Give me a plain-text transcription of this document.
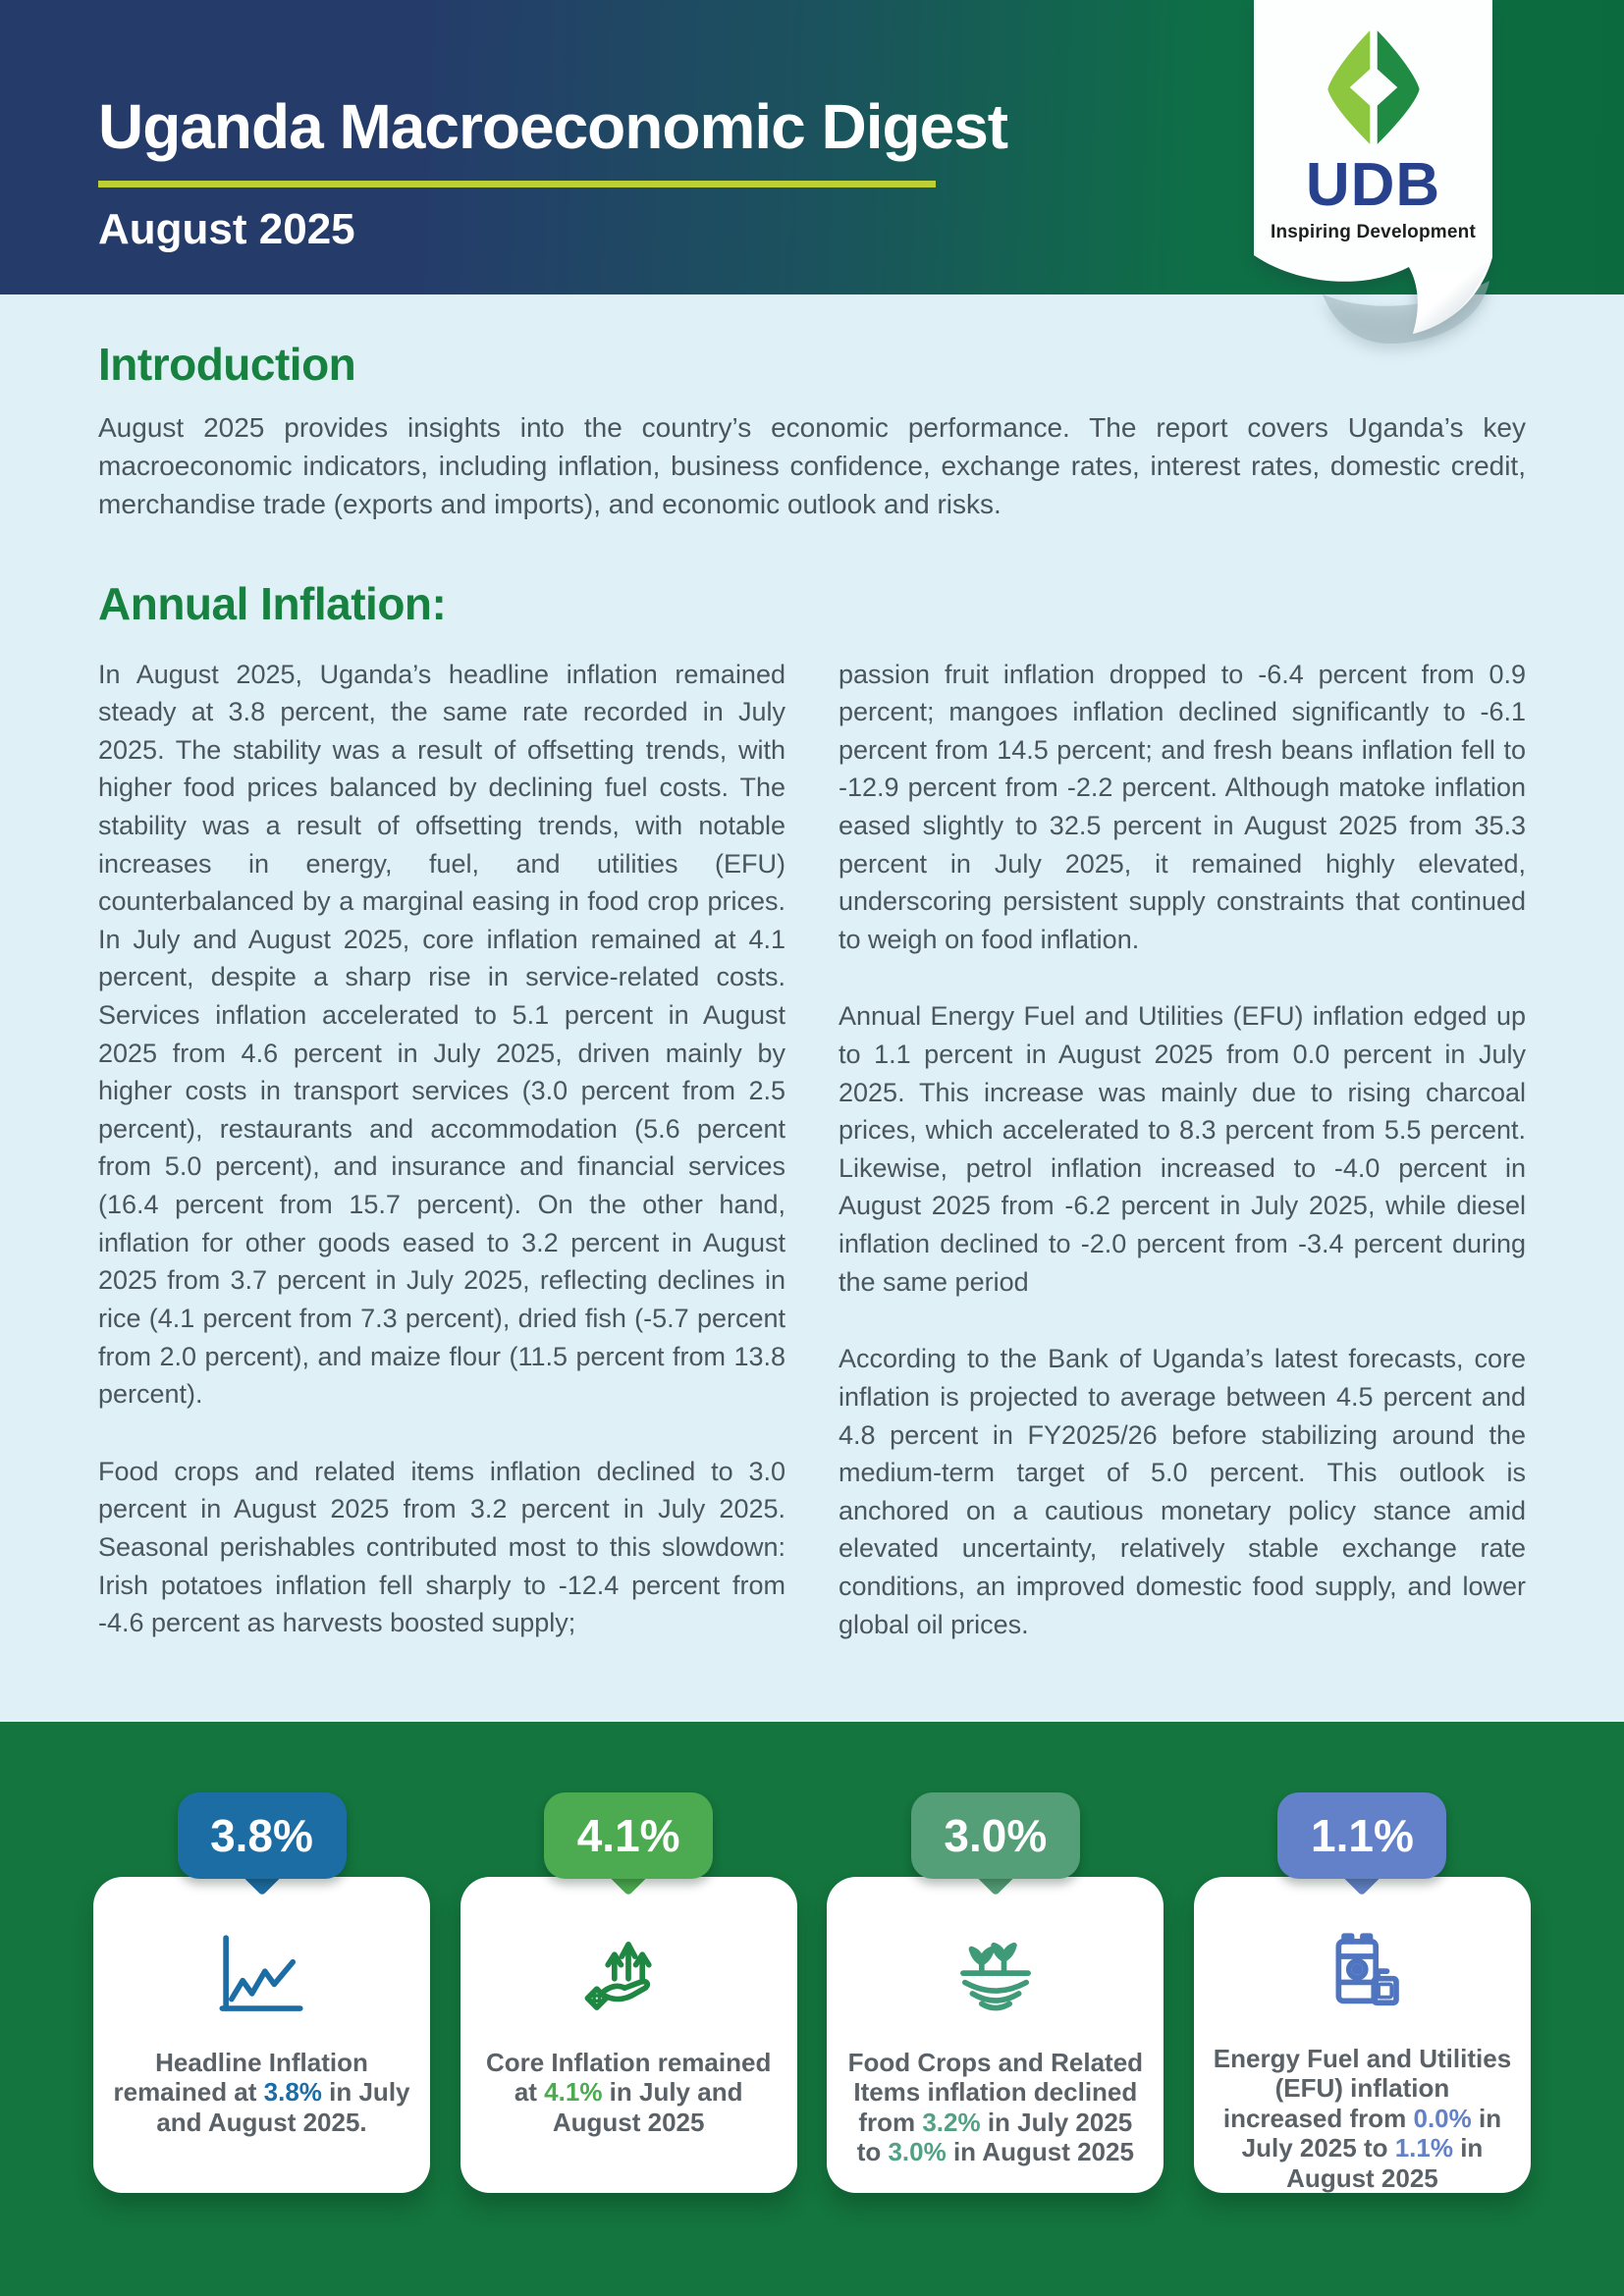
Uganda Macroeconomic Digest
August 2025
UDB
Inspiring Development
Introduction

August 2025 provides insights into the country’s economic performance. The report covers Uganda’s key macroeconomic indicators, including inflation, business confidence, exchange rates, interest rates, domestic credit, merchandise trade (exports and imports), and economic outlook and risks.

Annual Inflation:

In August 2025, Uganda’s headline inflation remained steady at 3.8 percent, the same rate recorded in July 2025. The stability was a result of offsetting trends, with higher food prices balanced by declining fuel costs. The stability was a result of offsetting trends, with notable increases in energy, fuel, and utilities (EFU) counterbalanced by a marginal easing in food crop prices. In July and August 2025, core inflation remained at 4.1 percent, despite a sharp rise in service-related costs. Services inflation accelerated to 5.1 percent in August 2025 from 4.6 percent in July 2025, driven mainly by higher costs in transport services (3.0 percent from 2.5 percent), restaurants and accommodation (5.6 percent from 5.0 percent), and insurance and financial services (16.4 percent from 15.7 percent). On the other hand, inflation for other goods eased to 3.2 percent in August 2025 from 3.7 percent in July 2025, reflecting declines in rice (4.1 percent from 7.3 percent), dried fish (-5.7 percent from 2.0 percent), and maize flour (11.5 percent from 13.8 percent).

Food crops and related items inflation declined to 3.0 percent in August 2025 from 3.2 percent in July 2025. Seasonal perishables contributed most to this slowdown: Irish potatoes inflation fell sharply to -12.4 percent from -4.6 percent as harvests boosted supply;

passion fruit inflation dropped to -6.4 percent from 0.9 percent; mangoes inflation declined significantly to -6.1 percent from 14.5 percent; and fresh beans inflation fell to -12.9 percent from -2.2 percent. Although matoke inflation eased slightly to 32.5 percent in August 2025 from 35.3 percent in July 2025, it remained highly elevated, underscoring persistent supply constraints that continued to weigh on food inflation.

Annual Energy Fuel and Utilities (EFU) inflation edged up to 1.1 percent in August 2025 from 0.0 percent in July 2025. This increase was mainly due to rising charcoal prices, which accelerated to 8.3 percent from 5.5 percent. Likewise, petrol inflation increased to -4.0 percent in August 2025 from -6.2 percent in July 2025, while diesel inflation declined to -2.0 percent from -3.4 percent during the same period

According to the Bank of Uganda’s latest forecasts, core inflation is projected to average between 4.5 percent and 4.8 percent in FY2025/26 before stabilizing around the medium-term target of 5.0 percent. This outlook is anchored on a cautious monetary policy stance amid elevated uncertainty, relatively stable exchange rate conditions, an improved domestic food supply, and lower global oil prices.

3.8%
Headline Inflation remained at 3.8% in July and August 2025.
4.1%
Core Inflation remained at 4.1% in July and August 2025
3.0%
Food Crops and Related Items inflation declined from 3.2% in July 2025 to 3.0% in August 2025
1.1%
Energy Fuel and Utilities (EFU) inflation increased from 0.0% in July 2025 to 1.1% in August 2025
